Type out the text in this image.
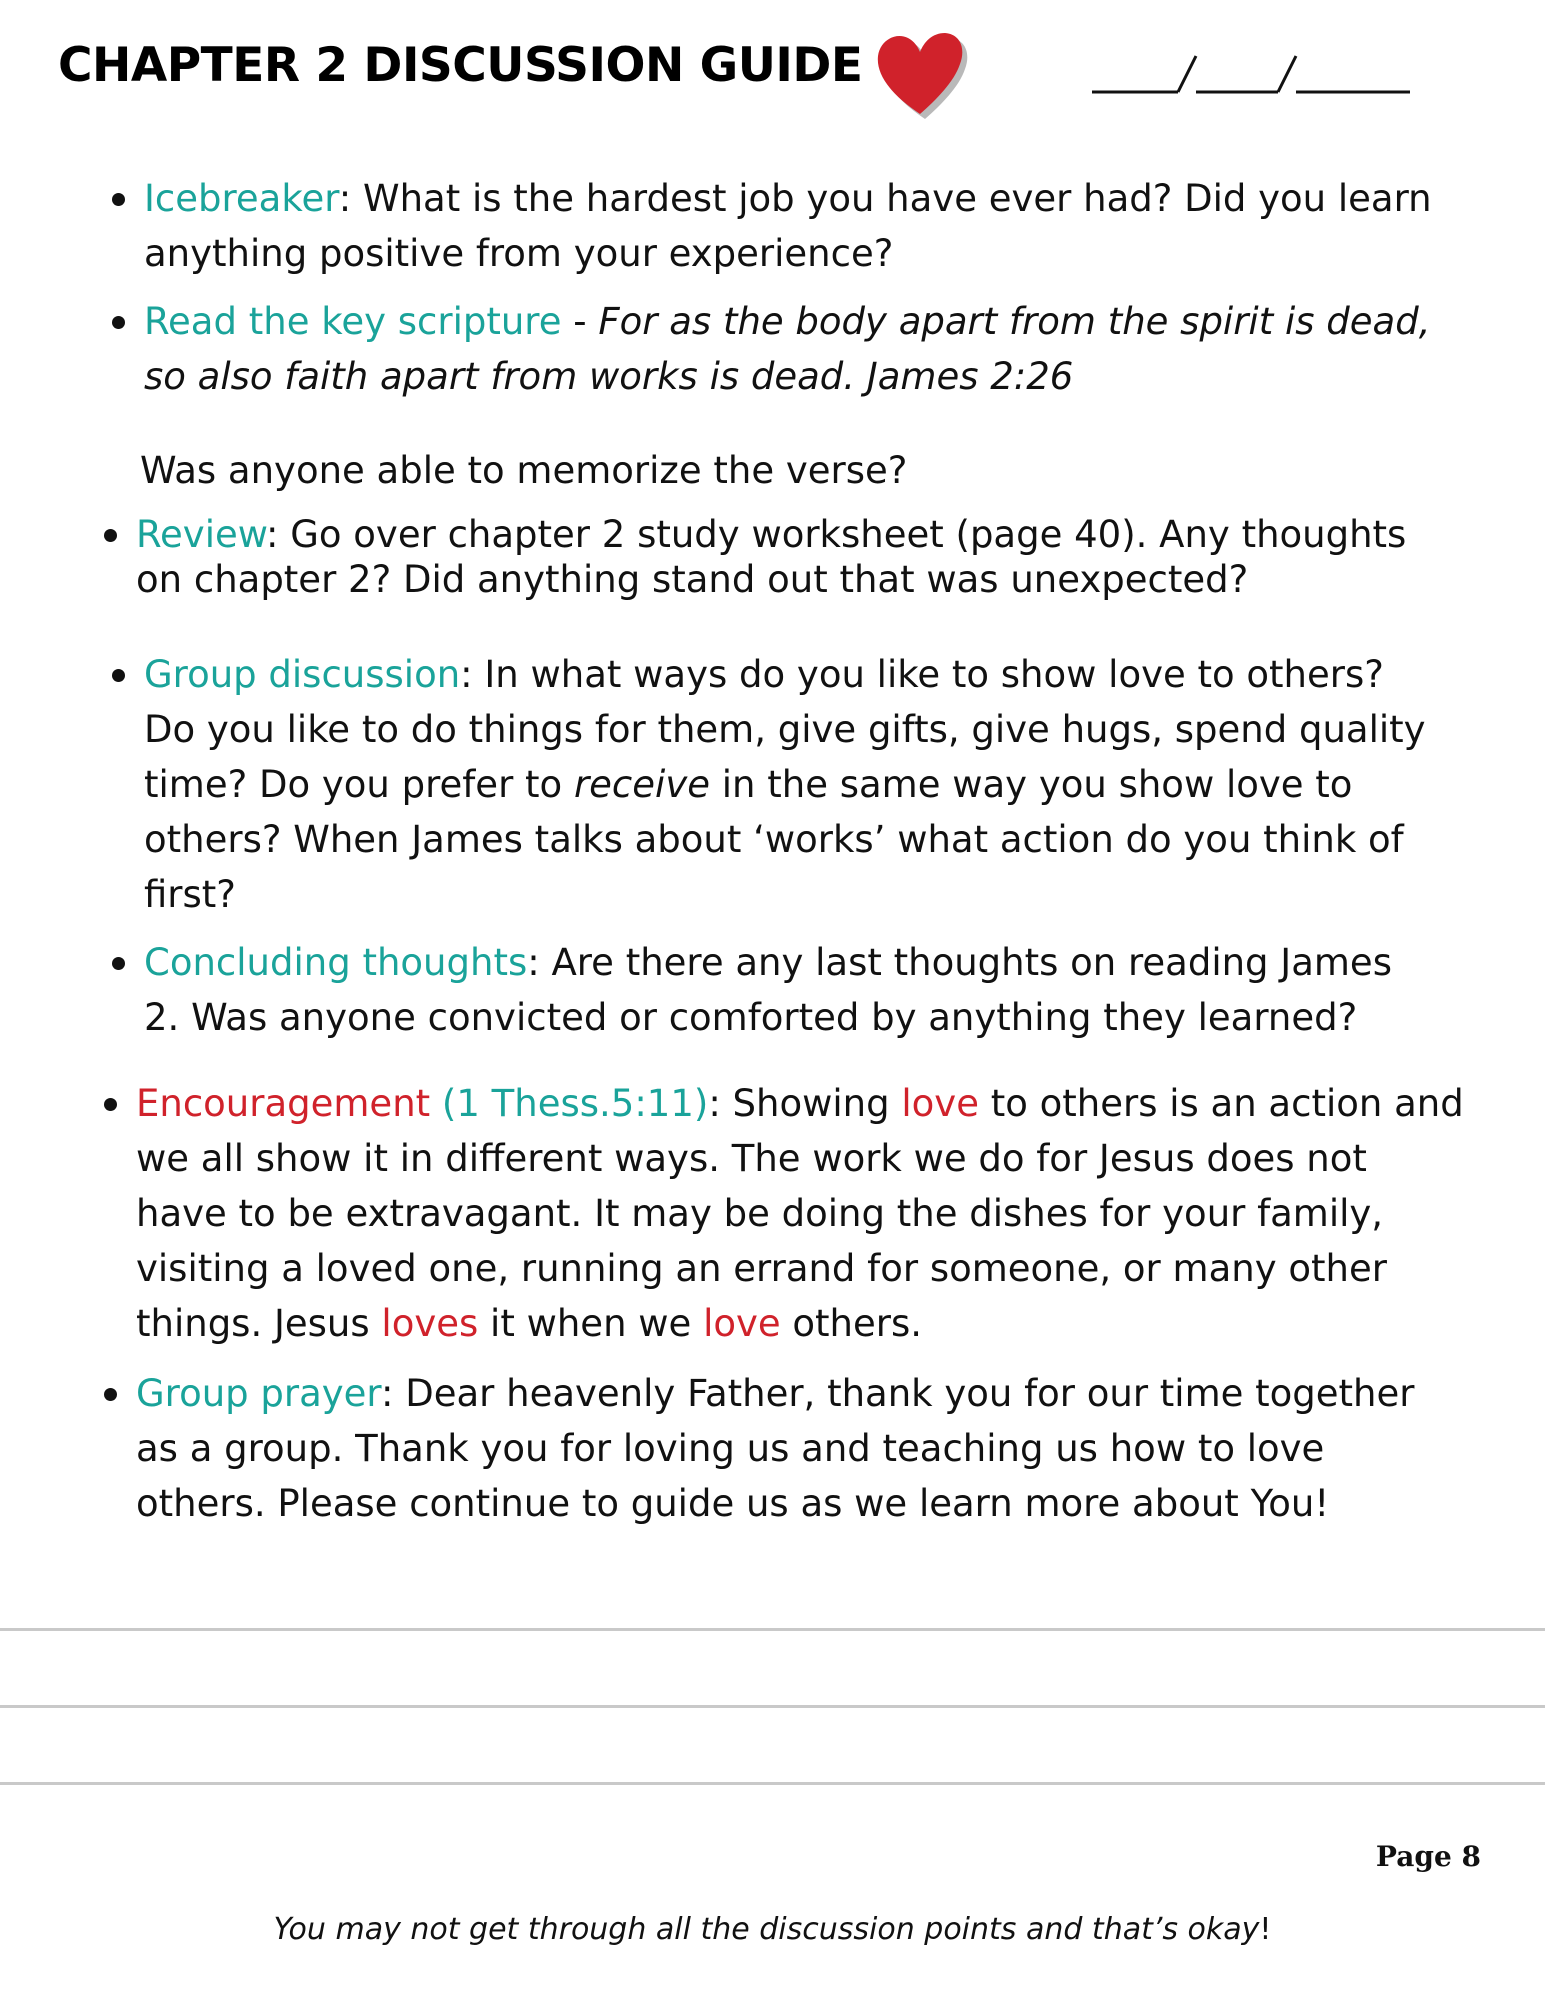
CHAPTER 2 DISCUSSION GUIDE
Icebreaker: What is the hardest job you have ever had? Did you learn
anything positive from your experience?
Read the key scripture - For as the body apart from the spirit is dead,
so also faith apart from works is dead. James 2:26
Was anyone able to memorize the verse?
Review: Go over chapter 2 study worksheet (page 40). Any thoughts
on chapter 2? Did anything stand out that was unexpected?
Group discussion: In what ways do you like to show love to others?
Do you like to do things for them, give gifts, give hugs, spend quality
time? Do you prefer to receive in the same way you show love to
others? When James talks about ‘works’ what action do you think of
first?
Concluding thoughts: Are there any last thoughts on reading James
2. Was anyone convicted or comforted by anything they learned?
Encouragement (1 Thess.5:11): Showing love to others is an action and
we all show it in different ways. The work we do for Jesus does not
have to be extravagant. It may be doing the dishes for your family,
visiting a loved one, running an errand for someone, or many other
things. Jesus loves it when we love others.
Group prayer: Dear heavenly Father, thank you for our time together
as a group. Thank you for loving us and teaching us how to love
others. Please continue to guide us as we learn more about You!
Page 8
You may not get through all the discussion points and that’s okay!
